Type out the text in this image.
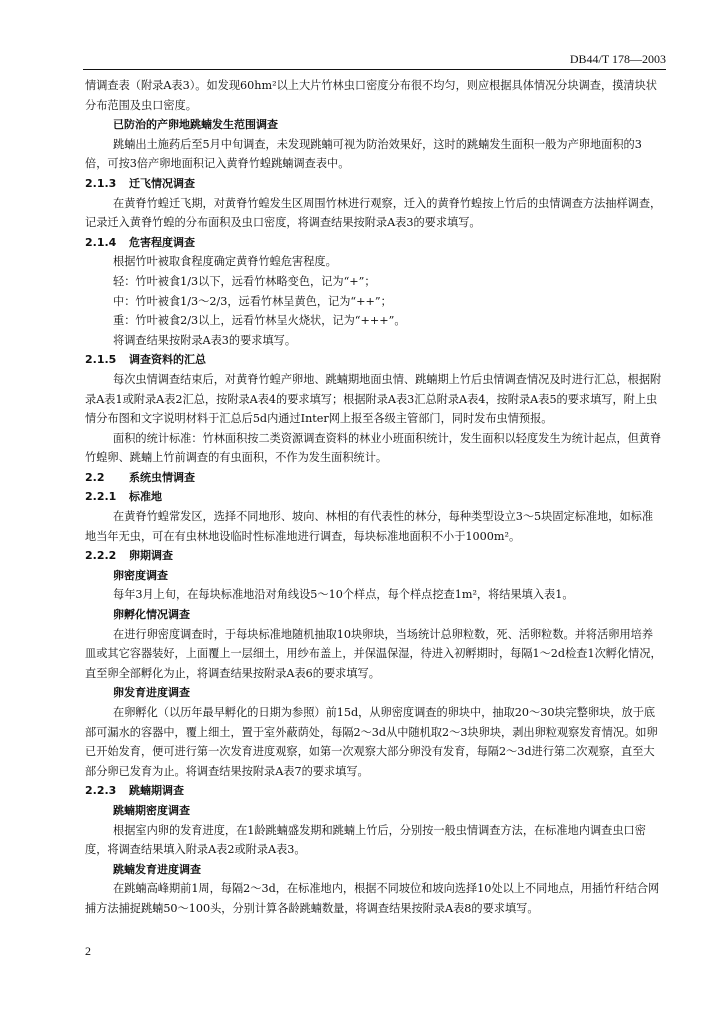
DB44/T 178—2003

情调查表（附录A表3）。如发现60hm²以上大片竹林虫口密度分布很不均匀，则应根据具体情况分块调查，摸清块状分布范围及虫口密度。

已防治的产卵地跳蝻发生范围调查

跳蝻出土施药后至5月中旬调查，未发现跳蝻可视为防治效果好，这时的跳蝻发生面积一般为产卵地面积的3倍，可按3倍产卵地面积记入黄脊竹蝗跳蝻调查表中。

2.1.3 迁飞情况调查

在黄脊竹蝗迁飞期，对黄脊竹蝗发生区周围竹林进行观察，迁入的黄脊竹蝗按上竹后的虫情调查方法抽样调查，记录迁入黄脊竹蝗的分布面积及虫口密度，将调查结果按附录A表3的要求填写。

2.1.4 危害程度调查

根据竹叶被取食程度确定黄脊竹蝗危害程度。

轻：竹叶被食1/3以下，远看竹林略变色，记为“+”；

中：竹叶被食1/3～2/3，远看竹林呈黄色，记为“++”；

重：竹叶被食2/3以上，远看竹林呈火烧状，记为“+++”。

将调查结果按附录A表3的要求填写。

2.1.5 调查资料的汇总

每次虫情调查结束后，对黄脊竹蝗产卵地、跳蝻期地面虫情、跳蝻期上竹后虫情调查情况及时进行汇总，根据附录A表1或附录A表2汇总，按附录A表4的要求填写；根据附录A表3汇总附录A表4，按附录A表5的要求填写，附上虫情分布图和文字说明材料于汇总后5d内通过Inter网上报至各级主管部门，同时发布虫情预报。

面积的统计标准：竹林面积按二类资源调查资料的林业小班面积统计，发生面积以轻度发生为统计起点，但黄脊竹蝗卵、跳蝻上竹前调查的有虫面积，不作为发生面积统计。

2.2 系统虫情调查

2.2.1 标准地

在黄脊竹蝗常发区，选择不同地形、坡向、林相的有代表性的林分，每种类型设立3～5块固定标准地，如标准地当年无虫，可在有虫林地设临时性标准地进行调查，每块标准地面积不小于1000m²。

2.2.2 卵期调查

卵密度调查

每年3月上旬，在每块标准地沿对角线设5～10个样点，每个样点挖查1m²，将结果填入表1。

卵孵化情况调查

在进行卵密度调查时，于每块标准地随机抽取10块卵块，当场统计总卵粒数，死、活卵粒数。并将活卵用培养皿或其它容器装好，上面覆上一层细土，用纱布盖上，并保温保湿，待进入初孵期时，每隔1～2d检查1次孵化情况，直至卵全部孵化为止，将调查结果按附录A表6的要求填写。

卵发育进度调查

在卵孵化（以历年最早孵化的日期为参照）前15d，从卵密度调查的卵块中，抽取20～30块完整卵块，放于底部可漏水的容器中，覆上细土，置于室外蔽荫处，每隔2～3d从中随机取2～3块卵块，剥出卵粒观察发育情况。如卵已开始发育，便可进行第一次发育进度观察，如第一次观察大部分卵没有发育，每隔2～3d进行第二次观察，直至大部分卵已发育为止。将调查结果按附录A表7的要求填写。

2.2.3 跳蝻期调查

跳蝻期密度调查

根据室内卵的发育进度，在1龄跳蝻盛发期和跳蝻上竹后，分别按一般虫情调查方法，在标准地内调查虫口密度，将调查结果填入附录A表2或附录A表3。

跳蝻发育进度调查

在跳蝻高峰期前1周，每隔2～3d，在标准地内，根据不同坡位和坡向选择10处以上不同地点，用插竹秆结合网捕方法捕捉跳蝻50～100头，分别计算各龄跳蝻数量，将调查结果按附录A表8的要求填写。

2
